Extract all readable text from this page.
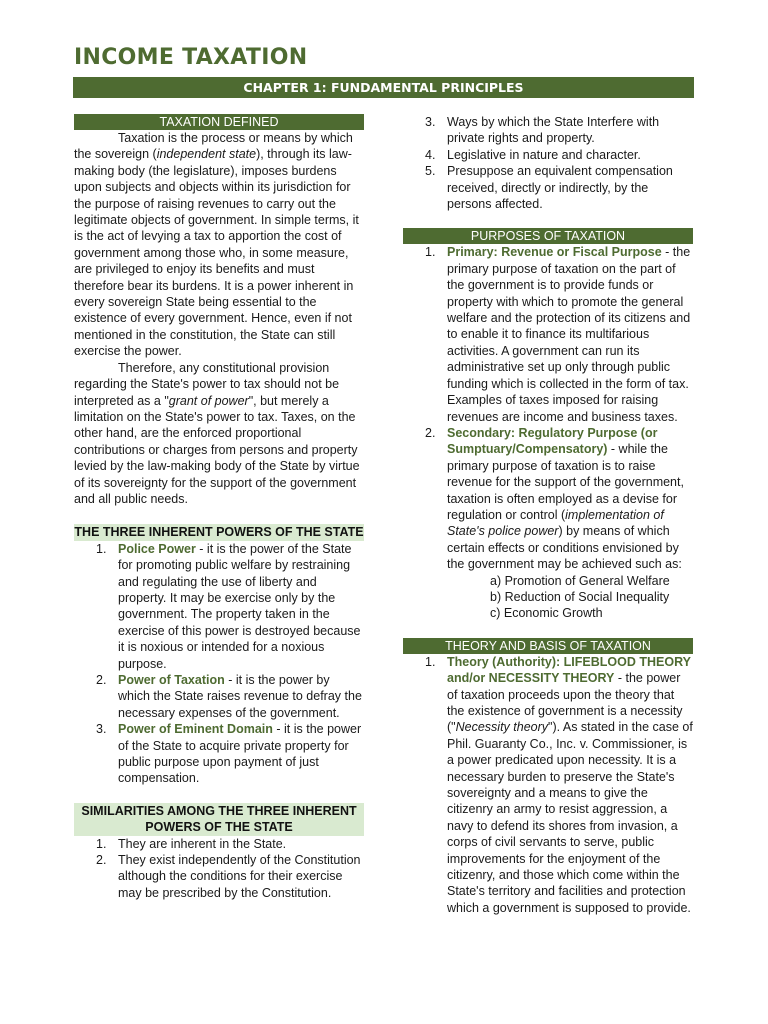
INCOME TAXATION
CHAPTER 1: FUNDAMENTAL PRINCIPLES
TAXATION DEFINED

Taxation is the process or means by which the sovereign (independent state), through its law-making body (the legislature), imposes burdens upon subjects and objects within its jurisdiction for the purpose of raising revenues to carry out the legitimate objects of government. In simple terms, it is the act of levying a tax to apportion the cost of government among those who, in some measure, are privileged to enjoy its benefits and must therefore bear its burdens. It is a power inherent in every sovereign State being essential to the existence of every government. Hence, even if not mentioned in the constitution, the State can still exercise the power.

Therefore, any constitutional provision regarding the State's power to tax should not be interpreted as a "grant of power", but merely a limitation on the State's power to tax. Taxes, on the other hand, are the enforced proportional contributions or charges from persons and property levied by the law-making body of the State by virtue of its sovereignty for the support of the government and all public needs.

THE THREE INHERENT POWERS OF THE STATE
1. Police Power - it is the power of the State for promoting public welfare by restraining and regulating the use of liberty and property. It may be exercise only by the government. The property taken in the exercise of this power is destroyed because it is noxious or intended for a noxious purpose.
2. Power of Taxation - it is the power by which the State raises revenue to defray the necessary expenses of the government.
3. Power of Eminent Domain - it is the power of the State to acquire private property for public purpose upon payment of just compensation.
SIMILARITIES AMONG THE THREE INHERENT POWERS OF THE STATE
1. They are inherent in the State.
2. They exist independently of the Constitution although the conditions for their exercise may be prescribed by the Constitution.
3. Ways by which the State Interfere with private rights and property.
4. Legislative in nature and character.
5. Presuppose an equivalent compensation received, directly or indirectly, by the persons affected.
PURPOSES OF TAXATION
1. Primary: Revenue or Fiscal Purpose - the primary purpose of taxation on the part of the government is to provide funds or property with which to promote the general welfare and the protection of its citizens and to enable it to finance its multifarious activities. A government can run its administrative set up only through public funding which is collected in the form of tax. Examples of taxes imposed for raising revenues are income and business taxes.
2. Secondary: Regulatory Purpose (or Sumptuary/Compensatory) - while the primary purpose of taxation is to raise revenue for the support of the government, taxation is often employed as a devise for regulation or control (implementation of State's police power) by means of which certain effects or conditions envisioned by the government may be achieved such as:
a) Promotion of General Welfare
b) Reduction of Social Inequality
c) Economic Growth
THEORY AND BASIS OF TAXATION
1. Theory (Authority): LIFEBLOOD THEORY and/or NECESSITY THEORY - the power of taxation proceeds upon the theory that the existence of government is a necessity ("Necessity theory"). As stated in the case of Phil. Guaranty Co., Inc. v. Commissioner, is a power predicated upon necessity. It is a necessary burden to preserve the State's sovereignty and a means to give the citizenry an army to resist aggression, a navy to defend its shores from invasion, a corps of civil servants to serve, public improvements for the enjoyment of the citizenry, and those which come within the State's territory and facilities and protection which a government is supposed to provide.
